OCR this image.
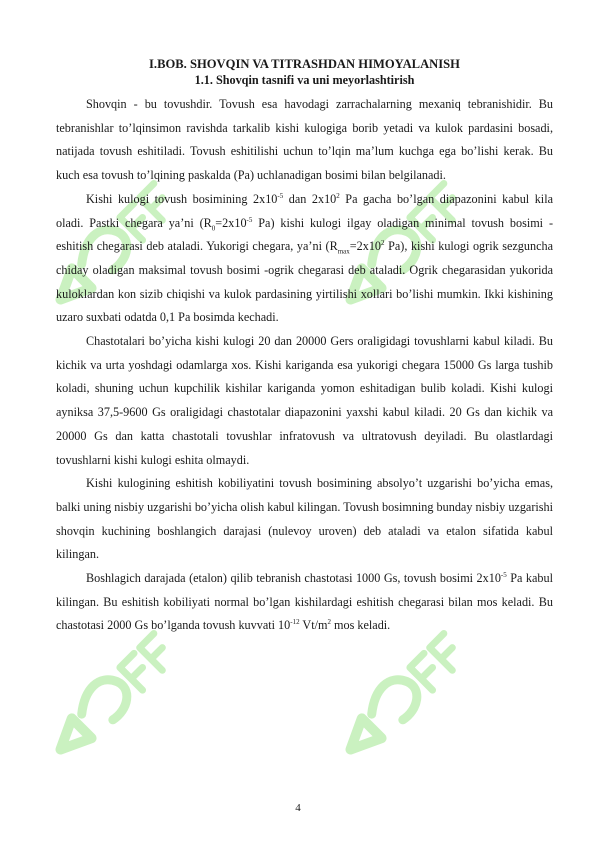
I.BOB. SHOVQIN VA TITRASHDAN HIMOYALANISH

1.1. Shovqin tasnifi va uni meyorlashtirish

Shovqin - bu tovushdir. Tovush esa havodagi zarrachalarning mexaniq tebranishidir. Bu tebranishlar to’lqinsimon ravishda tarkalib kishi kulogiga borib yetadi va kulok pardasini bosadi, natijada tovush eshitiladi. Tovush eshitilishi uchun to’lqin ma’lum kuchga ega bo’lishi kerak. Bu kuch esa tovush to’lqining paskalda (Pa) uchlanadigan bosimi bilan belgilanadi.

Kishi kulogi tovush bosimining $2x10^{-5}$ dan $2x10^2$ Pa gacha bo’lgan diapazonini kabul kila oladi. Pastki chegara ya’ni ($R_0=2x10^{-5}$ Pa) kishi kulogi ilgay oladigan minimal tovush bosimi - eshitish chegarasi deb ataladi. Yukorigi chegara, ya’ni ($R_{max}=2x10^2$ Pa), kishi kulogi ogrik sezguncha chiday oladigan maksimal tovush bosimi -ogrik chegarasi deb ataladi. Ogrik chegarasidan yukorida kuloklardan kon sizib chiqishi va kulok pardasining yirtilishi xollari bo’lishi mumkin. Ikki kishining uzaro suxbati odatda 0,1 Pa bosimda kechadi.

Chastotalari bo’yicha kishi kulogi 20 dan 20000 Gers oraligidagi tovushlarni kabul kiladi. Bu kichik va urta yoshdagi odamlarga xos. Kishi kariganda esa yukorigi chegara 15000 Gs larga tushib koladi, shuning uchun kupchilik kishilar kariganda yomon eshitadigan bulib koladi. Kishi kulogi ayniksa 37,5-9600 Gs oraligidagi chastotalar diapazonini yaxshi kabul kiladi. 20 Gs dan kichik va 20000 Gs dan katta chastotali tovushlar infratovush va ultratovush deyiladi. Bu olastlardagi tovushlarni kishi kulogi eshita olmaydi.

Kishi kulogining eshitish kobiliyatini tovush bosimining absolyo’t uzgarishi bo’yicha emas, balki uning nisbiy uzgarishi bo’yicha olish kabul kilingan. Tovush bosimning bunday nisbiy uzgarishi shovqin kuchining boshlangich darajasi (nulevoy uroven) deb ataladi va etalon sifatida kabul kilingan.

Boshlagich darajada (etalon) qilib tebranish chastotasi 1000 Gs, tovush bosimi $2x10^{-5}$ Pa kabul kilingan. Bu eshitish kobiliyati normal bo’lgan kishilardagi eshitish chegarasi bilan mos keladi. Bu chastotasi 2000 Gs bo’lganda tovush kuvvati $10^{-12}$ $Vt/m^2$ mos keladi.

4
